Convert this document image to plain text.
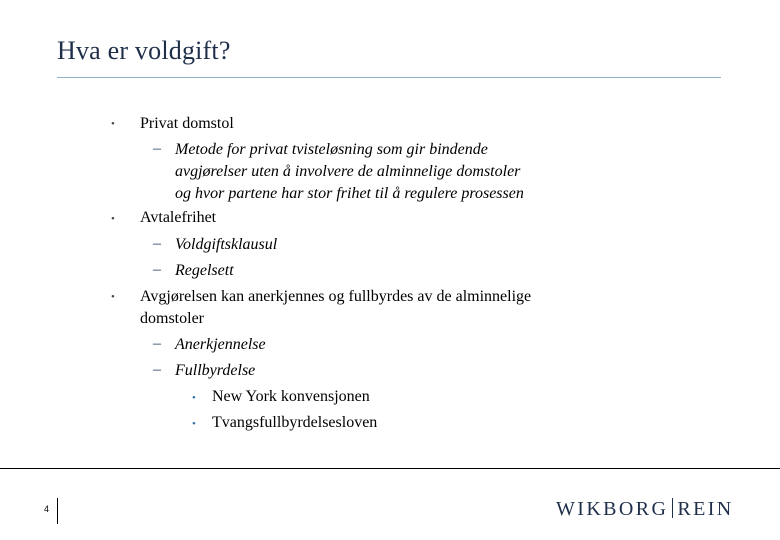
Hva er voldgift?
• Privat domstol
– Metode for privat tvisteløsning som gir bindende
avgjørelser uten å involvere de alminnelige domstoler
og hvor partene har stor frihet til å regulere prosessen
• Avtalefrihet
– Voldgiftsklausul
– Regelsett
• Avgjørelsen kan anerkjennes og fullbyrdes av de alminnelige
domstoler
– Anerkjennelse
– Fullbyrdelse
• New York konvensjonen
• Tvangsfullbyrdelsesloven
4	WIKBORG REIN
